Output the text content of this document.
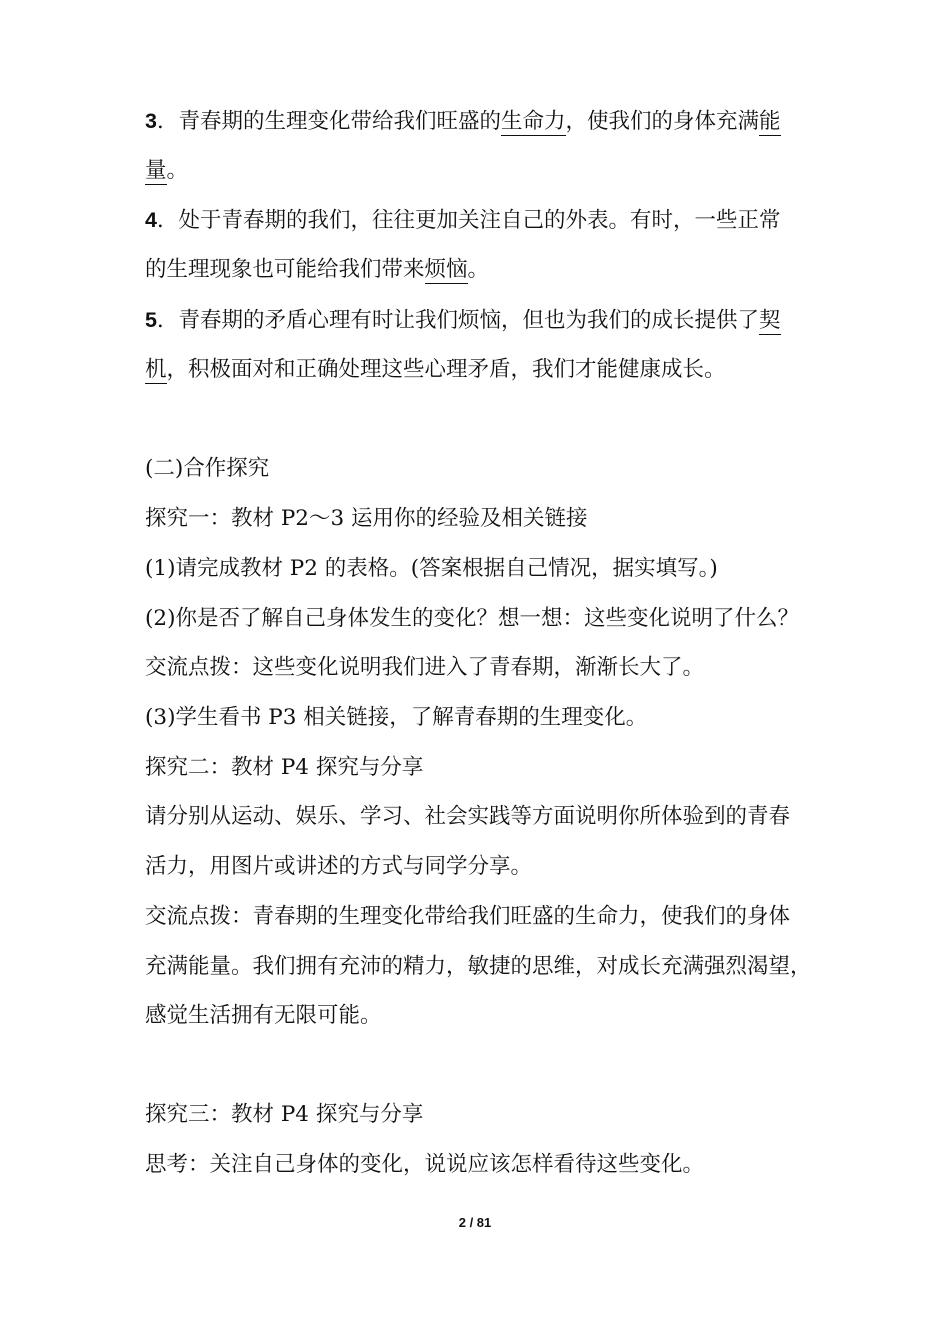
3．青春期的生理变化带给我们旺盛的生命力，使我们的身体充满能
量。
4．处于青春期的我们，往往更加关注自己的外表。有时，一些正常
的生理现象也可能给我们带来烦恼。
5．青春期的矛盾心理有时让我们烦恼，但也为我们的成长提供了契
机，积极面对和正确处理这些心理矛盾，我们才能健康成长。
(二)合作探究
探究一：教材 P2～3 运用你的经验及相关链接
(1)请完成教材 P2 的表格。(答案根据自己情况，据实填写。)
(2)你是否了解自己身体发生的变化？想一想：这些变化说明了什么？
交流点拨：这些变化说明我们进入了青春期，渐渐长大了。
(3)学生看书 P3 相关链接，了解青春期的生理变化。
探究二：教材 P4 探究与分享
请分别从运动、娱乐、学习、社会实践等方面说明你所体验到的青春
活力，用图片或讲述的方式与同学分享。
交流点拨：青春期的生理变化带给我们旺盛的生命力，使我们的身体
充满能量。我们拥有充沛的精力，敏捷的思维，对成长充满强烈渴望，
感觉生活拥有无限可能。
探究三：教材 P4 探究与分享
思考：关注自己身体的变化，说说应该怎样看待这些变化。
2 / 81
